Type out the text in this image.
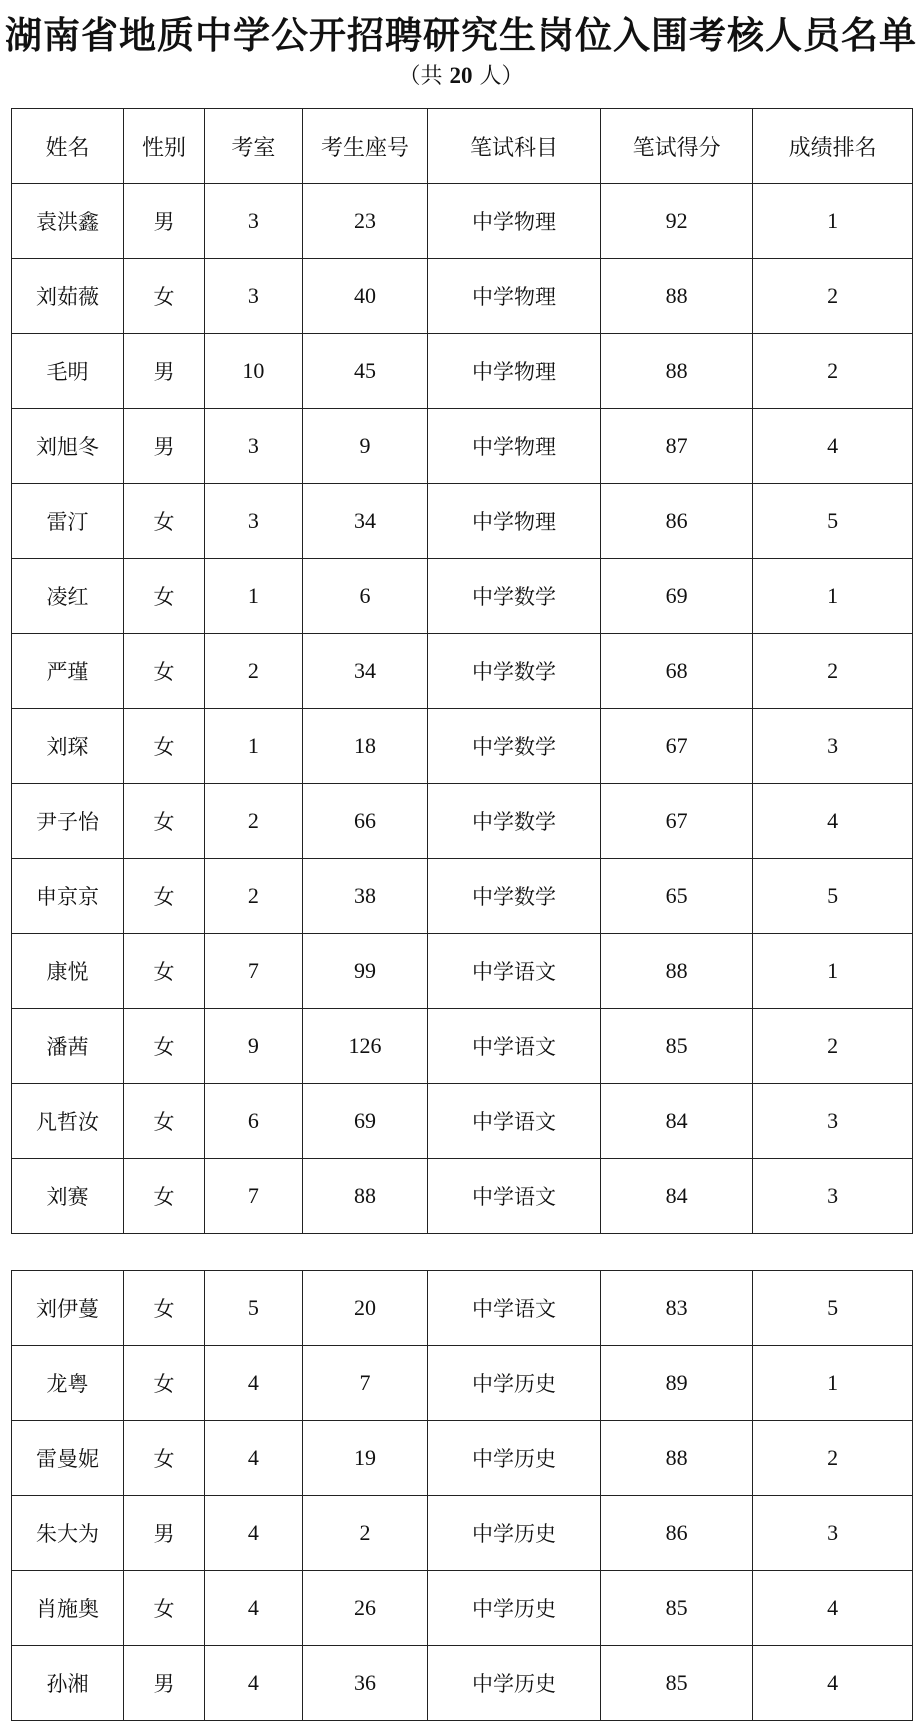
湖南省地质中学公开招聘研究生岗位入围考核人员名单
（共 20 人）
姓名	性别	考室	考生座号	笔试科目	笔试得分	成绩排名
袁洪鑫	男	3	23	中学物理	92	1
刘茹薇	女	3	40	中学物理	88	2
毛明	男	10	45	中学物理	88	2
刘旭冬	男	3	9	中学物理	87	4
雷汀	女	3	34	中学物理	86	5
凌红	女	1	6	中学数学	69	1
严瑾	女	2	34	中学数学	68	2
刘琛	女	1	18	中学数学	67	3
尹子怡	女	2	66	中学数学	67	4
申京京	女	2	38	中学数学	65	5
康悦	女	7	99	中学语文	88	1
潘茜	女	9	126	中学语文	85	2
凡哲汝	女	6	69	中学语文	84	3
刘赛	女	7	88	中学语文	84	3
刘伊蔓	女	5	20	中学语文	83	5
龙粤	女	4	7	中学历史	89	1
雷曼妮	女	4	19	中学历史	88	2
朱大为	男	4	2	中学历史	86	3
肖施奥	女	4	26	中学历史	85	4
孙湘	男	4	36	中学历史	85	4
